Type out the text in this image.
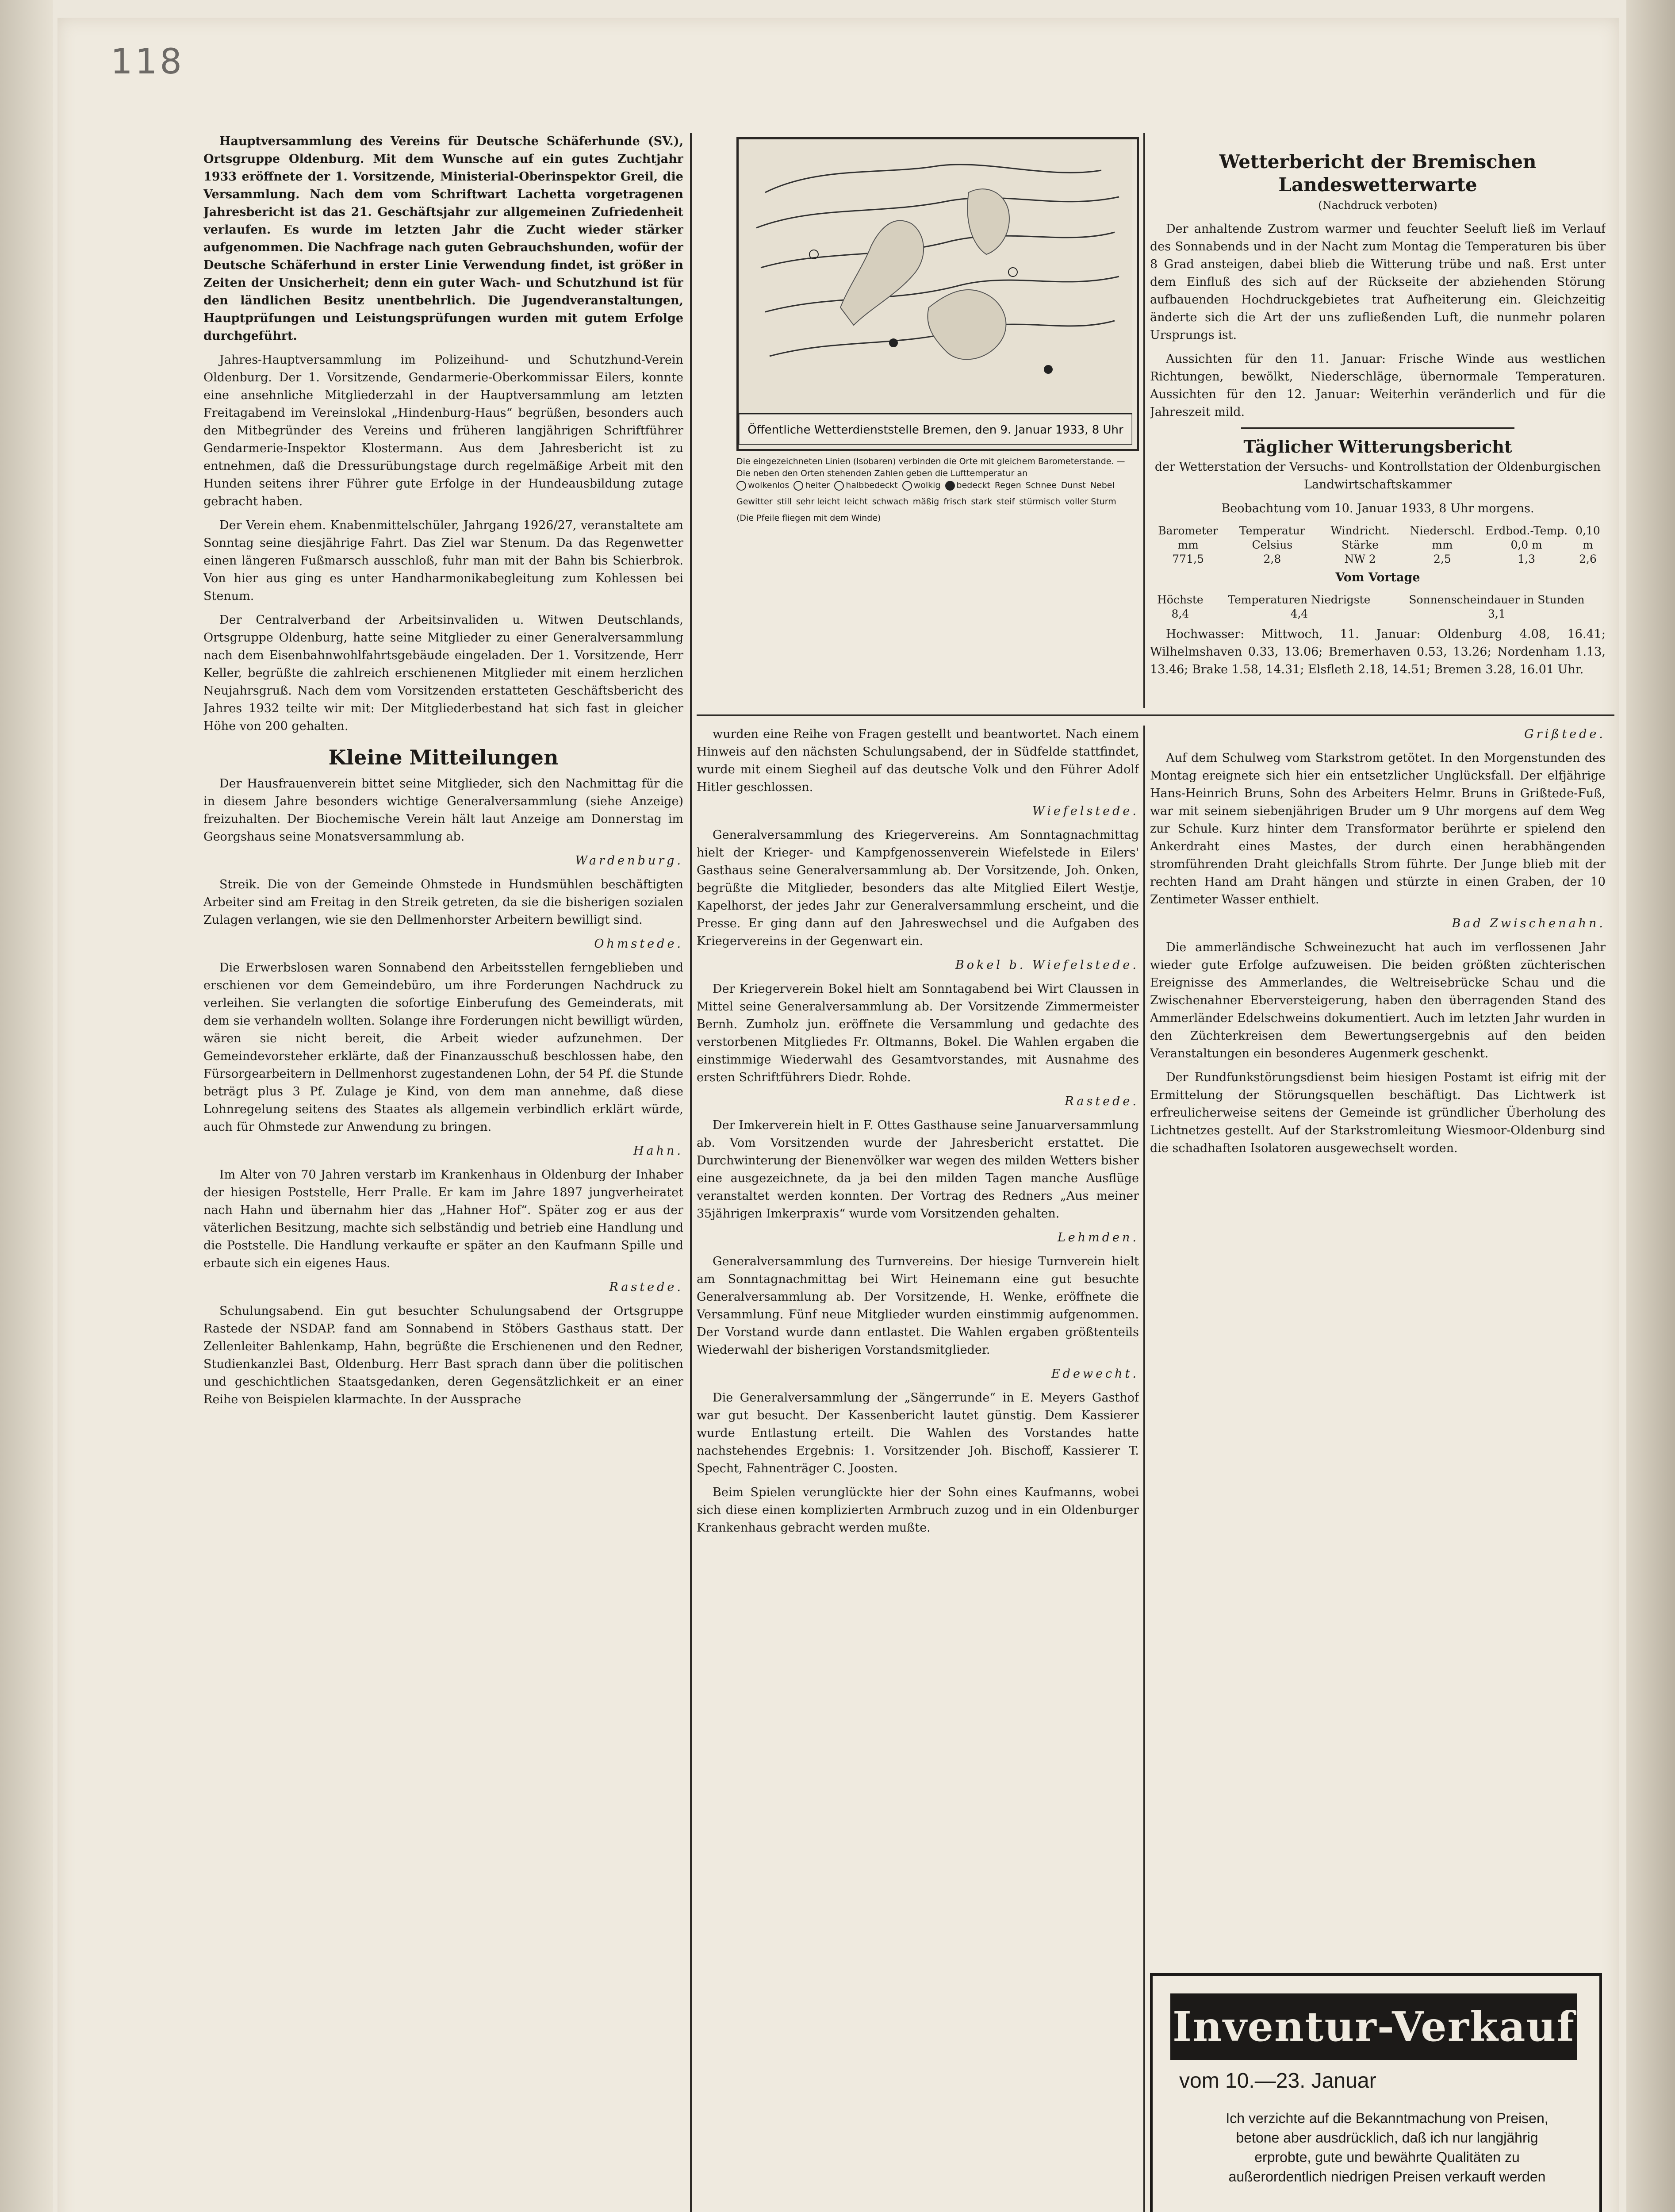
118

Hauptversammlung des Vereins für Deutsche Schäferhunde (SV.), Ortsgruppe Oldenburg. Mit dem Wunsche auf ein gutes Zuchtjahr 1933 eröffnete der 1. Vorsitzende, Ministerial-Oberinspektor Greil, die Versammlung. Nach dem vom Schriftwart Lachetta vorgetragenen Jahresbericht ist das 21. Geschäftsjahr zur allgemeinen Zufriedenheit verlaufen. Es wurde im letzten Jahr die Zucht wieder stärker aufgenommen. Die Nachfrage nach guten Gebrauchshunden, wofür der Deutsche Schäferhund in erster Linie Verwendung findet, ist größer in Zeiten der Unsicherheit; denn ein guter Wach- und Schutzhund ist für den ländlichen Besitz unentbehrlich. Die Jugendveranstaltungen, Hauptprüfungen und Leistungsprüfungen wurden mit gutem Erfolge durchgeführt.

Jahres-Hauptversammlung im Polizeihund- und Schutzhund-Verein Oldenburg. Der 1. Vorsitzende, Gendarmerie-Oberkommissar Eilers, konnte eine ansehnliche Mitgliederzahl in der Hauptversammlung am letzten Freitagabend im Vereinslokal „Hindenburg-Haus“ begrüßen, besonders auch den Mitbegründer des Vereins und früheren langjährigen Schriftführer Gendarmerie-Inspektor Klostermann. Aus dem Jahresbericht ist zu entnehmen, daß die Dressurübungstage durch regelmäßige Arbeit mit den Hunden seitens ihrer Führer gute Erfolge in der Hundeausbildung zutage gebracht haben.

Der Verein ehem. Knabenmittelschüler, Jahrgang 1926/27, veranstaltete am Sonntag seine diesjährige Fahrt. Das Ziel war Stenum. Da das Regenwetter einen längeren Fußmarsch ausschloß, fuhr man mit der Bahn bis Schierbrok. Von hier aus ging es unter Handharmonikabegleitung zum Kohlessen bei Stenum.

Der Centralverband der Arbeitsinvaliden u. Witwen Deutschlands, Ortsgruppe Oldenburg, hatte seine Mitglieder zu einer Generalversammlung nach dem Eisenbahnwohlfahrtsgebäude eingeladen. Der 1. Vorsitzende, Herr Keller, begrüßte die zahlreich erschienenen Mitglieder mit einem herzlichen Neujahrsgruß. Nach dem vom Vorsitzenden erstatteten Geschäftsbericht des Jahres 1932 teilte wir mit: Der Mitgliederbestand hat sich fast in gleicher Höhe von 200 gehalten.

Kleine Mitteilungen

Der Hausfrauenverein bittet seine Mitglieder, sich den Nachmittag für die in diesem Jahre besonders wichtige Generalversammlung (siehe Anzeige) freizuhalten. Der Biochemische Verein hält laut Anzeige am Donnerstag im Georgshaus seine Monatsversammlung ab.

Wardenburg.

Streik. Die von der Gemeinde Ohmstede in Hundsmühlen beschäftigten Arbeiter sind am Freitag in den Streik getreten, da sie die bisherigen sozialen Zulagen verlangen, wie sie den Dellmenhorster Arbeitern bewilligt sind.

Ohmstede.

Die Erwerbslosen waren Sonnabend den Arbeitsstellen ferngeblieben und erschienen vor dem Gemeindebüro, um ihre Forderungen Nachdruck zu verleihen. Sie verlangten die sofortige Einberufung des Gemeinderats, mit dem sie verhandeln wollten. Solange ihre Forderungen nicht bewilligt würden, wären sie nicht bereit, die Arbeit wieder aufzunehmen. Der Gemeindevorsteher erklärte, daß der Finanzausschuß beschlossen habe, den Fürsorgearbeitern in Dellmenhorst zugestandenen Lohn, der 54 Pf. die Stunde beträgt plus 3 Pf. Zulage je Kind, von dem man annehme, daß diese Lohnregelung seitens des Staates als allgemein verbindlich erklärt würde, auch für Ohmstede zur Anwendung zu bringen.

Hahn.

Im Alter von 70 Jahren verstarb im Krankenhaus in Oldenburg der Inhaber der hiesigen Poststelle, Herr Pralle. Er kam im Jahre 1897 jungverheiratet nach Hahn und übernahm hier das „Hahner Hof“. Später zog er aus der väterlichen Besitzung, machte sich selbständig und betrieb eine Handlung und die Poststelle. Die Handlung verkaufte er später an den Kaufmann Spille und erbaute sich ein eigenes Haus.

Rastede.

Schulungsabend. Ein gut besuchter Schulungsabend der Ortsgruppe Rastede der NSDAP. fand am Sonnabend in Stöbers Gasthaus statt. Der Zellenleiter Bahlenkamp, Hahn, begrüßte die Erschienenen und den Redner, Studienkanzlei Bast, Oldenburg. Herr Bast sprach dann über die politischen und geschichtlichen Staatsgedanken, deren Gegensätzlichkeit er an einer Reihe von Beispielen klarmachte. In der Aussprache

Öffentliche Wetterdienststelle Bremen, den 9. Januar 1933, 8 Uhr
Die eingezeichneten Linien (Isobaren) verbinden die Orte mit gleichem Barometerstande. — Die neben den Orten stehenden Zahlen geben die Lufttemperatur an
wolkenlos heiter halbbedeckt wolkig bedeckt Regen Schnee Dunst Nebel
Gewitter still sehr leicht leicht schwach mäßig frisch stark steif stürmisch voller Sturm
(Die Pfeile fliegen mit dem Winde)
Wetterbericht der Bremischen Landeswetterwarte

(Nachdruck verboten)

Der anhaltende Zustrom warmer und feuchter Seeluft ließ im Verlauf des Sonnabends und in der Nacht zum Montag die Temperaturen bis über 8 Grad ansteigen, dabei blieb die Witterung trübe und naß. Erst unter dem Einfluß des sich auf der Rückseite der abziehenden Störung aufbauenden Hochdruckgebietes trat Aufheiterung ein. Gleichzeitig änderte sich die Art der uns zufließenden Luft, die nunmehr polaren Ursprungs ist.

Aussichten für den 11. Januar: Frische Winde aus westlichen Richtungen, bewölkt, Niederschläge, übernormale Temperaturen. Aussichten für den 12. Januar: Weiterhin veränderlich und für die Jahreszeit mild.

Täglicher Witterungsbericht

der Wetterstation der Versuchs- und Kontrollstation der Oldenburgischen Landwirtschaftskammer

Beobachtung vom 10. Januar 1933, 8 Uhr morgens.

Barometer mm	Temperatur Celsius	Windricht. Stärke	Niederschl. mm	Erdbod.-Temp. 0,0 m	0,10 m
771,5	2,8	NW 2	2,5	1,3	2,6

Vom Vortage

Höchste	Temperaturen Niedrigste	Sonnenscheindauer in Stunden
8,4	4,4	3,1

Hochwasser: Mittwoch, 11. Januar: Oldenburg 4.08, 16.41; Wilhelmshaven 0.33, 13.06; Bremerhaven 0.53, 13.26; Nordenham 1.13, 13.46; Brake 1.58, 14.31; Elsfleth 2.18, 14.51; Bremen 3.28, 16.01 Uhr.

wurden eine Reihe von Fragen gestellt und beantwortet. Nach einem Hinweis auf den nächsten Schulungsabend, der in Südfelde stattfindet, wurde mit einem Siegheil auf das deutsche Volk und den Führer Adolf Hitler geschlossen.

Wiefelstede.

Generalversammlung des Kriegervereins. Am Sonntagnachmittag hielt der Krieger- und Kampfgenossenverein Wiefelstede in Eilers' Gasthaus seine Generalversammlung ab. Der Vorsitzende, Joh. Onken, begrüßte die Mitglieder, besonders das alte Mitglied Eilert Westje, Kapelhorst, der jedes Jahr zur Generalversammlung erscheint, und die Presse. Er ging dann auf den Jahreswechsel und die Aufgaben des Kriegervereins in der Gegenwart ein.

Bokel b. Wiefelstede.

Der Kriegerverein Bokel hielt am Sonntagabend bei Wirt Claussen in Mittel seine Generalversammlung ab. Der Vorsitzende Zimmermeister Bernh. Zumholz jun. eröffnete die Versammlung und gedachte des verstorbenen Mitgliedes Fr. Oltmanns, Bokel. Die Wahlen ergaben die einstimmige Wiederwahl des Gesamtvorstandes, mit Ausnahme des ersten Schriftführers Diedr. Rohde.

Rastede.

Der Imkerverein hielt in F. Ottes Gasthause seine Januarversammlung ab. Vom Vorsitzenden wurde der Jahresbericht erstattet. Die Durchwinterung der Bienenvölker war wegen des milden Wetters bisher eine ausgezeichnete, da ja bei den milden Tagen manche Ausflüge veranstaltet werden konnten. Der Vortrag des Redners „Aus meiner 35jährigen Imkerpraxis“ wurde vom Vorsitzenden gehalten.

Lehmden.

Generalversammlung des Turnvereins. Der hiesige Turnverein hielt am Sonntagnachmittag bei Wirt Heinemann eine gut besuchte Generalversammlung ab. Der Vorsitzende, H. Wenke, eröffnete die Versammlung. Fünf neue Mitglieder wurden einstimmig aufgenommen. Der Vorstand wurde dann entlastet. Die Wahlen ergaben größtenteils Wiederwahl der bisherigen Vorstandsmitglieder.

Edewecht.

Die Generalversammlung der „Sängerrunde“ in E. Meyers Gasthof war gut besucht. Der Kassenbericht lautet günstig. Dem Kassierer wurde Entlastung erteilt. Die Wahlen des Vorstandes hatte nachstehendes Ergebnis: 1. Vorsitzender Joh. Bischoff, Kassierer T. Specht, Fahnenträger C. Joosten.

Beim Spielen verunglückte hier der Sohn eines Kaufmanns, wobei sich diese einen komplizierten Armbruch zuzog und in ein Oldenburger Krankenhaus gebracht werden mußte.

Grißtede.

Auf dem Schulweg vom Starkstrom getötet. In den Morgenstunden des Montag ereignete sich hier ein entsetzlicher Unglücksfall. Der elfjährige Hans-Heinrich Bruns, Sohn des Arbeiters Helmr. Bruns in Grißtede-Fuß, war mit seinem siebenjährigen Bruder um 9 Uhr morgens auf dem Weg zur Schule. Kurz hinter dem Transformator berührte er spielend den Ankerdraht eines Mastes, der durch einen herabhängenden stromführenden Draht gleichfalls Strom führte. Der Junge blieb mit der rechten Hand am Draht hängen und stürzte in einen Graben, der 10 Zentimeter Wasser enthielt.

Bad Zwischenahn.

Die ammerländische Schweinezucht hat auch im verflossenen Jahr wieder gute Erfolge aufzuweisen. Die beiden größten züchterischen Ereignisse des Ammerlandes, die Weltreisebrücke Schau und die Zwischenahner Eberversteigerung, haben den überragenden Stand des Ammerländer Edelschweins dokumentiert. Auch im letzten Jahr wurden in den Züchterkreisen dem Bewertungsergebnis auf den beiden Veranstaltungen ein besonderes Augenmerk geschenkt.

Der Rundfunkstörungsdienst beim hiesigen Postamt ist eifrig mit der Ermittelung der Störungsquellen beschäftigt. Das Lichtwerk ist erfreulicherweise seitens der Gemeinde ist gründlicher Überholung des Lichtnetzes gestellt. Auf der Starkstromleitung Wiesmoor-Oldenburg sind die schadhaften Isolatoren ausgewechselt worden.

Inventur-Verkauf
vom 10.—23. Januar
Ich verzichte auf die Bekanntmachung von Preisen, betone aber ausdrücklich, daß ich nur langjährig erprobte, gute und bewährte Qualitäten zu außerordentlich niedrigen Preisen verkauft werden
